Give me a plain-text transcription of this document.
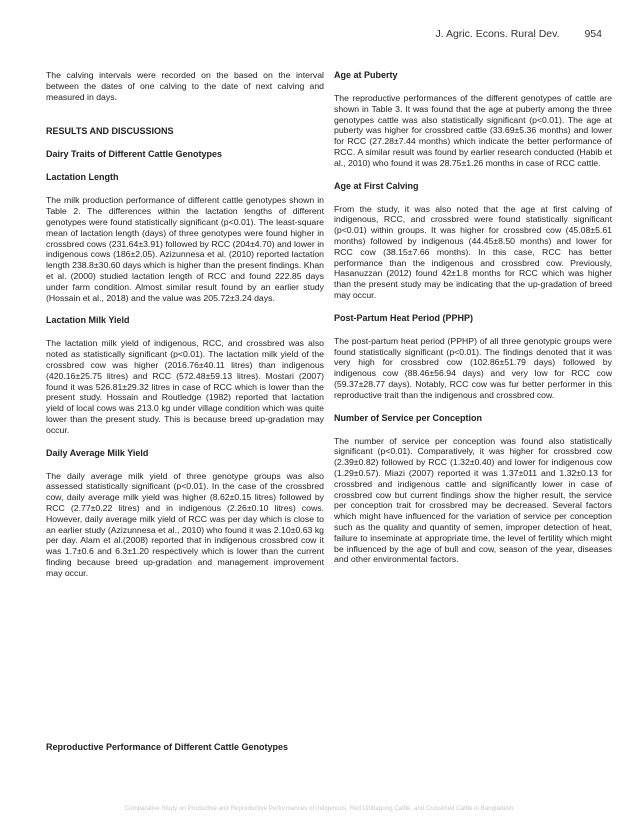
J. Agric. Econs. Rural Dev. 954

The calving intervals were recorded on the based on the interval between the dates of one calving to the date of next calving and measured in days.

RESULTS AND DISCUSSIONS
Dairy Traits of Different Cattle Genotypes
Lactation Length

The milk production performance of different cattle genotypes shown in Table 2. The differences within the lactation lengths of different genotypes were found statistically significant (p<0.01). The least-square mean of lactation length (days) of three genotypes were found higher in crossbred cows (231.64±3.91) followed by RCC (204±4.70) and lower in indigenous cows (186±2.05). Azizunnesa et al. (2010) reported lactation length 238.8±30.60 days which is higher than the present findings. Khan et al. (2000) studied lactation length of RCC and found 222.85 days under farm condition. Almost similar result found by an earlier study (Hossain et al., 2018) and the value was 205.72±3.24 days.

Lactation Milk Yield

The lactation milk yield of indigenous, RCC, and crossbred was also noted as statistically significant (p<0.01). The lactation milk yield of the crossbred cow was higher (2016.76±40.11 litres) than indigenous (420.16±25.75 litres) and RCC (572.48±59.13 litres). Mostari (2007) found it was 526.81±29.32 litres in case of RCC which is lower than the present study. Hossain and Routledge (1982) reported that lactation yield of local cows was 213.0 kg under village condition which was quite lower than the present study. This is because breed up-gradation may occur.

Daily Average Milk Yield

The daily average milk yield of three genotype groups was also assessed statistically significant (p<0.01). In the case of the crossbred cow, daily average milk yield was higher (8.62±0.15 litres) followed by RCC (2.77±0.22 litres) and in indigenous (2.26±0.10 litres) cows. However, daily average milk yield of RCC was per day which is close to an earlier study (Azizunnesa et al., 2010) who found it was 2.10±0.63 kg per day. Alam et al.(2008) reported that in indigenous crossbred cow it was 1.7±0.6 and 6.3±1.20 respectively which is lower than the current finding because breed up-gradation and management improvement may occur.

Reproductive Performance of Different Cattle Genotypes
Age at Puberty

The reproductive performances of the different genotypes of cattle are shown in Table 3. It was found that the age at puberty among the three genotypes cattle was also statistically significant (p<0.01). The age at puberty was higher for crossbred cattle (33.69±5.36 months) and lower for RCC (27.28±7.44 months) which indicate the better performance of RCC. A similar result was found by earlier research conducted (Habib et al., 2010) who found it was 28.75±1.26 months in case of RCC cattle.

Age at First Calving

From the study, it was also noted that the age at first calving of indigenous, RCC, and crossbred were found statistically significant (p<0.01) within groups. It was higher for crossbred cow (45.08±5.61 months) followed by indigenous (44.45±8.50 months) and lower for RCC cow (38.15±7.66 months). In this case, RCC has better performance than the indigenous and crossbred cow. Previously, Hasanuzzan (2012) found 42±1.8 months for RCC which was higher than the present study may be indicating that the up-gradation of breed may occur.

Post-Partum Heat Period (PPHP)

The post-partum heat period (PPHP) of all three genotypic groups were found statistically significant (p<0.01). The findings denoted that it was very high for crossbred cow (102.86±51.79 days) followed by indigenous cow (88.46±56.94 days) and very low for RCC cow (59.37±28.77 days). Notably, RCC cow was fur better performer in this reproductive trait than the indigenous and crossbred cow.

Number of Service per Conception

The number of service per conception was found also statistically significant (p<0.01). Comparatively, it was higher for crossbred cow (2.39±0.82) followed by RCC (1.32±0.40) and lower for indigenous cow (1.29±0.57). Miazi (2007) reported it was 1.37±011 and 1.32±0.13 for crossbred and indigenous cattle and significantly lower in case of crossbred cow but current findings show the higher result, the service per conception trait for crossbred may be decreased. Several factors which might have influenced for the variation of service per conception such as the quality and quantity of semen, improper detection of heat, failure to inseminate at appropriate time, the level of fertility which might be influenced by the age of bull and cow, season of the year, diseases and other environmental factors.

Comparative Study on Productive and Reproductive Performances of Indigenous, Red Chittagong Cattle, and Crossbred Cattle in Bangladesh
